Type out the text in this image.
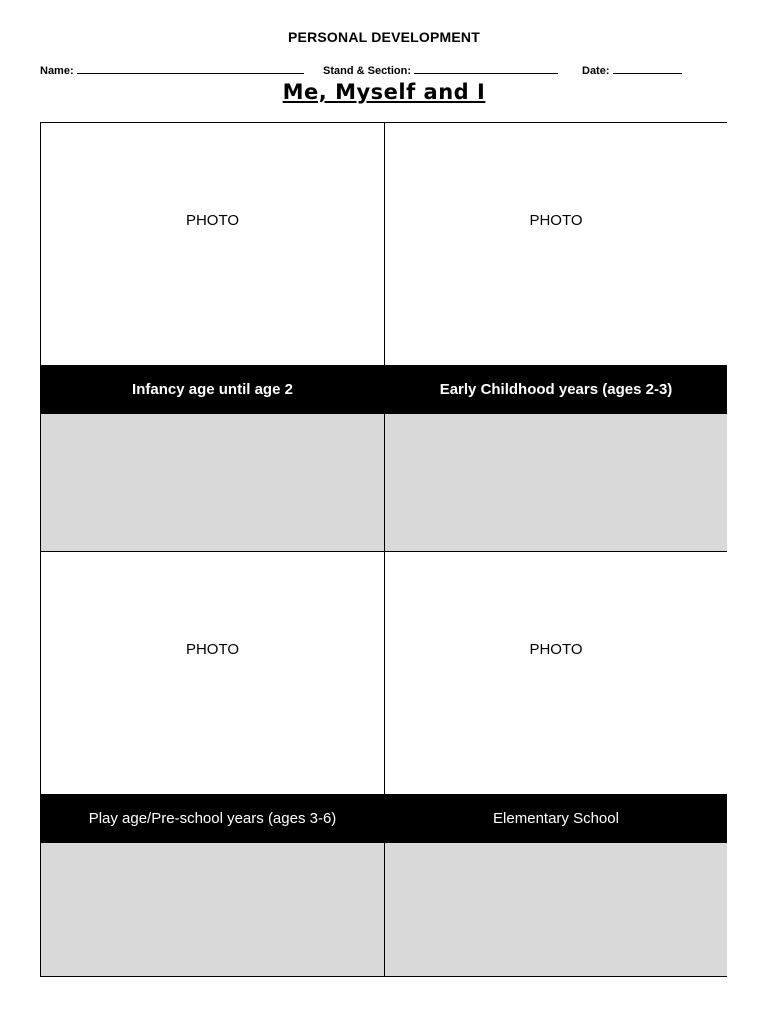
PERSONAL DEVELOPMENT
Name:	Stand & Section:	Date:
Me, Myself and I
PHOTO	PHOTO
Infancy age until age 2	Early Childhood years (ages 2-3)
PHOTO	PHOTO
Play age/Pre-school years (ages 3-6)	Elementary School
